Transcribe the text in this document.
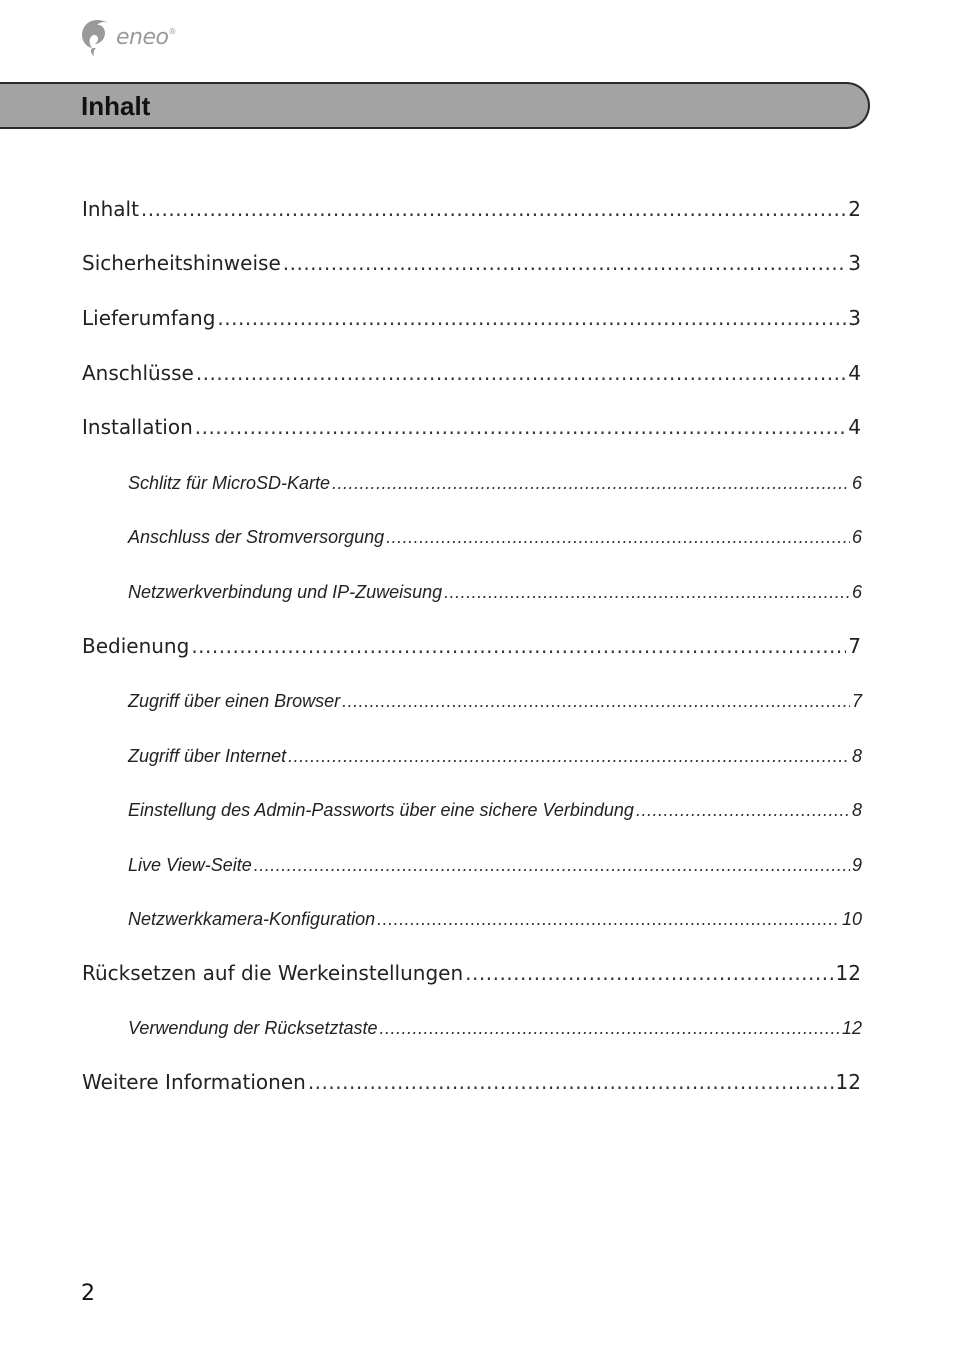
eneo®
Inhalt
Inhalt .....	2
Sicherheitshinweise .....	3
Lieferumfang .....	3
Anschlüsse .....	4
Installation .....	4
Schlitz für MicroSD-Karte .....	6
Anschluss der Stromversorgung .....	6
Netzwerkverbindung und IP-Zuweisung .....	6
Bedienung .....	7
Zugriff über einen Browser .....	7
Zugriff über Internet .....	8
Einstellung des Admin-Passworts über eine sichere Verbindung .....	8
Live View-Seite .....	9
Netzwerkkamera-Konfiguration .....	10
Rücksetzen auf die Werkeinstellungen .....	12
Verwendung der Rücksetztaste .....	12
Weitere Informationen .....	12
2
